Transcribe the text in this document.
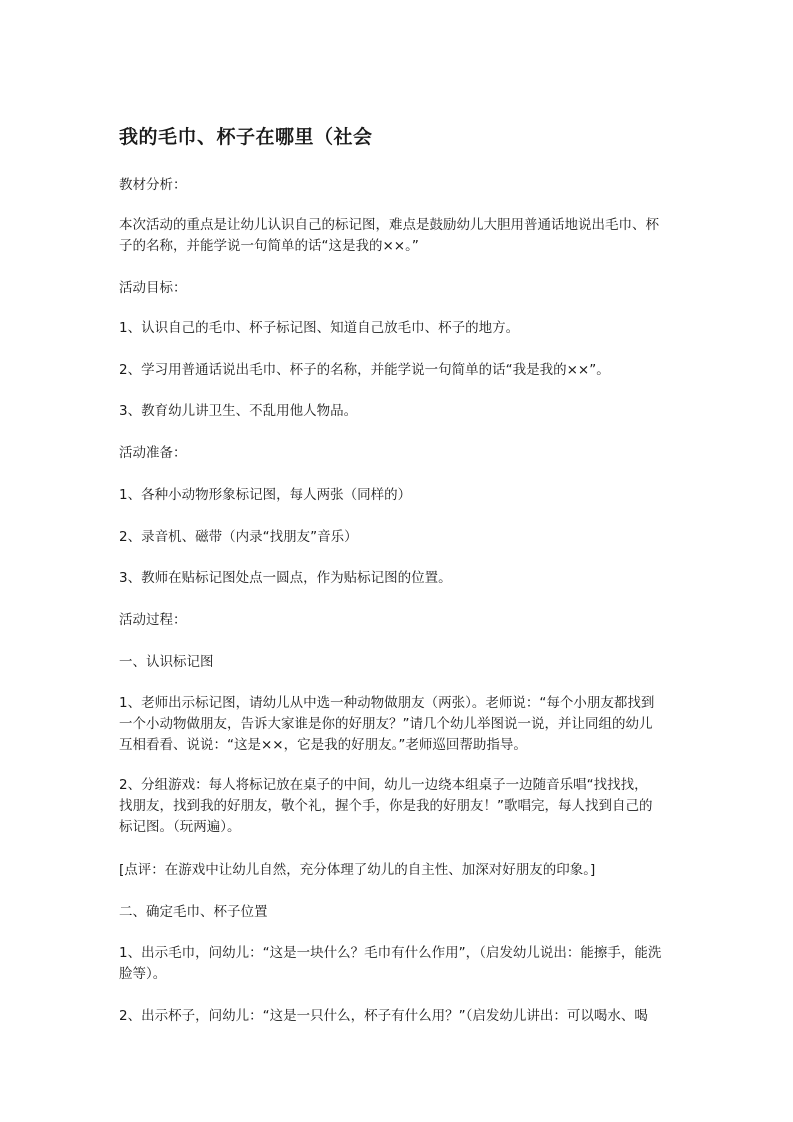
我的毛巾、杯子在哪里（社会
教材分析：
本次活动的重点是让幼儿认识自己的标记图，难点是鼓励幼儿大胆用普通话地说出毛巾、杯
子的名称，并能学说一句简单的话“这是我的××。”
活动目标：
1、认识自己的毛巾、杯子标记图、知道自己放毛巾、杯子的地方。
2、学习用普通话说出毛巾、杯子的名称，并能学说一句简单的话“我是我的××”。
3、教育幼儿讲卫生、不乱用他人物品。
活动准备：
1、各种小动物形象标记图，每人两张（同样的）
2、录音机、磁带（内录“找朋友”音乐）
3、教师在贴标记图处点一圆点，作为贴标记图的位置。
活动过程：
一、认识标记图
1、老师出示标记图，请幼儿从中选一种动物做朋友（两张）。老师说：“每个小朋友都找到
一个小动物做朋友，告诉大家谁是你的好朋友？”请几个幼儿举图说一说，并让同组的幼儿
互相看看、说说：“这是××，它是我的好朋友。”老师巡回帮助指导。
2、分组游戏：每人将标记放在桌子的中间，幼儿一边绕本组桌子一边随音乐唱“找找找，
找朋友，找到我的好朋友，敬个礼，握个手，你是我的好朋友！”歌唱完，每人找到自己的
标记图。（玩两遍）。
[点评：在游戏中让幼儿自然，充分体理了幼儿的自主性、加深对好朋友的印象。]
二、确定毛巾、杯子位置
1、出示毛巾，问幼儿：“这是一块什么？毛巾有什么作用”，（启发幼儿说出：能擦手，能洗
脸等）。
2、出示杯子，问幼儿：“这是一只什么，杯子有什么用？”（启发幼儿讲出：可以喝水、喝
